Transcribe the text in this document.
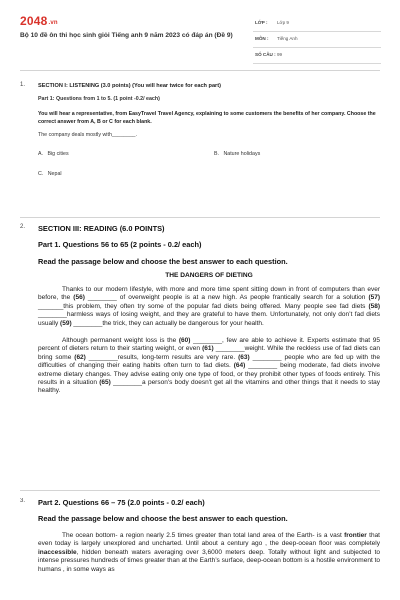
2048.vn
Bộ 10 đề ôn thi học sinh giỏi Tiếng anh 9 năm 2023 có đáp án (Đề 9)
LỚP : Lớp 9
MÔN : Tiếng Anh
SỐ CÂU : 99
1. SECTION I: LISTENING (3.0 points) (You will hear twice for each part)
Part 1: Questions from 1 to 5. (1 point -0.2/ each)
You will hear a representative, from EasyTravel Travel Agency, explaining to some customers the benefits of her company. Choose the correct answer from A, B or C for each blank.
The company deals mostly with________.
A. Big cities	B. Nature holidays
C. Nepal
2. SECTION III: READING (6.0 POINTS)
Part 1. Questions 56 to 65 (2 points - 0.2/ each)
Read the passage below and choose the best answer to each question.
THE DANGERS OF DIETING

Thanks to our modern lifestyle, with more and more time spent sitting down in front of computers than ever before, the (56) ________ of overweight people is at a new high. As people frantically search for a solution (57) _______this problem, they often try some of the popular fad diets being offered. Many people see fad diets (58) ________harmless ways of losing weight, and they are grateful to have them. Unfortunately, not only don’t fad diets usually (59) ________the trick, they can actually be dangerous for your health.

Although permanent weight loss is the (60) ________, few are able to achieve it. Experts estimate that 95 percent of dieters return to their starting weight, or even (61) ________weight. While the reckless use of fad diets can bring some (62) ________results, long-term results are very rare. (63) ________ people who are fed up with the difficulties of changing their eating habits often turn to fad diets. (64) ________ being moderate, fad diets involve extreme dietary changes. They advise eating only one type of food, or they prohibit other types of foods entirely. This results in a situation (65) ________a person's body doesn't get all the vitamins and other things that it needs to stay healthy.

3. Part 2. Questions 66 – 75 (2.0 points - 0.2/ each)
Read the passage below and choose the best answer to each question.

The ocean bottom- a region nearly 2.5 times greater than total land area of the Earth- is a vast frontier that even today is largely unexplored and uncharted. Until about a century ago , the deep-ocean floor was completely inaccessible, hidden beneath waters averaging over 3,6000 meters deep. Totally without light and subjected to intense pressures hundreds of times greater than at the Earth’s surface, deep-ocean bottom is a hostile environment to humans , in some ways as
